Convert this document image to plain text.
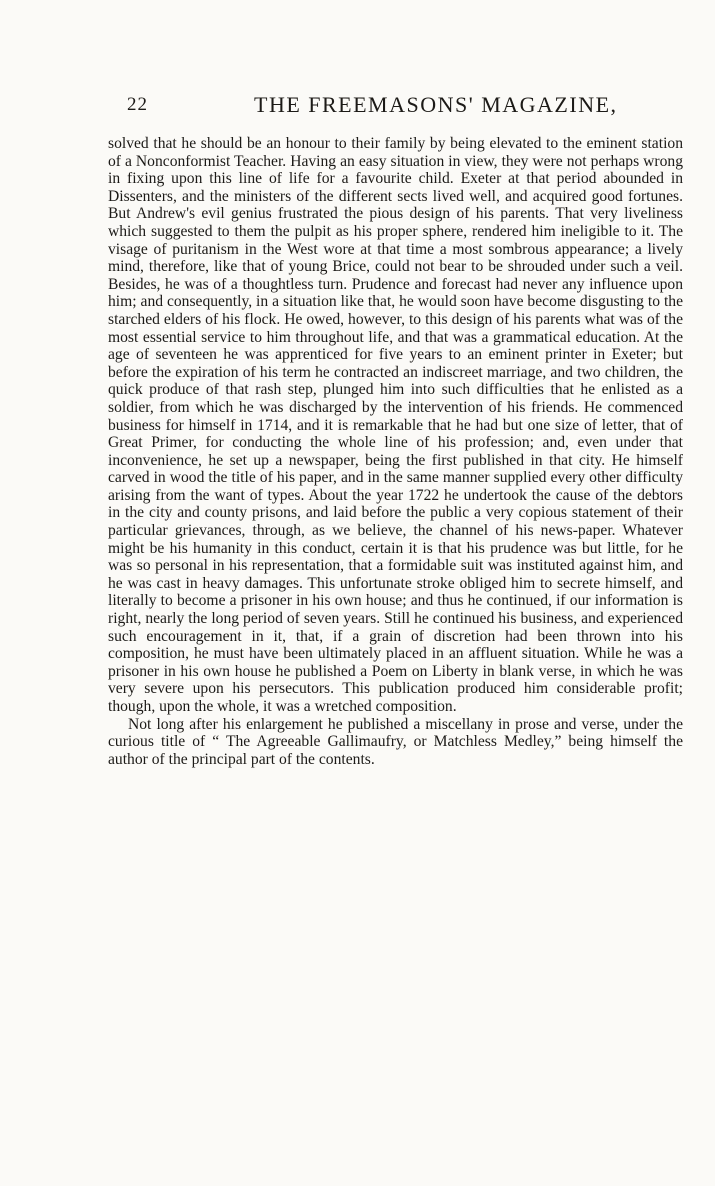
22	THE FREEMASONS' MAGAZINE,

solved that he should be an honour to their family by being elevated to the eminent station of a Nonconformist Teacher. Having an easy situation in view, they were not perhaps wrong in fixing upon this line of life for a favourite child. Exeter at that period abounded in Dissenters, and the ministers of the different sects lived well, and acquired good fortunes. But Andrew's evil genius frustrated the pious design of his parents. That very liveliness which suggested to them the pulpit as his proper sphere, rendered him ineligible to it. The visage of puritanism in the West wore at that time a most sombrous appearance; a lively mind, therefore, like that of young Brice, could not bear to be shrouded under such a veil. Besides, he was of a thoughtless turn. Prudence and forecast had never any influence upon him; and consequently, in a situation like that, he would soon have become disgusting to the starched elders of his flock. He owed, however, to this design of his parents what was of the most essential service to him throughout life, and that was a grammatical education. At the age of seventeen he was apprenticed for five years to an eminent printer in Exeter; but before the expiration of his term he contracted an indiscreet marriage, and two children, the quick produce of that rash step, plunged him into such difficulties that he enlisted as a soldier, from which he was discharged by the intervention of his friends. He commenced business for himself in 1714, and it is remarkable that he had but one size of letter, that of Great Primer, for conducting the whole line of his profession; and, even under that inconvenience, he set up a newspaper, being the first published in that city. He himself carved in wood the title of his paper, and in the same manner supplied every other difficulty arising from the want of types. About the year 1722 he undertook the cause of the debtors in the city and county prisons, and laid before the public a very copious statement of their particular grievances, through, as we believe, the channel of his news-paper. Whatever might be his humanity in this conduct, certain it is that his prudence was but little, for he was so personal in his representation, that a formidable suit was instituted against him, and he was cast in heavy damages. This unfortunate stroke obliged him to secrete himself, and literally to become a prisoner in his own house; and thus he continued, if our information is right, nearly the long period of seven years. Still he continued his business, and experienced such encouragement in it, that, if a grain of discretion had been thrown into his composition, he must have been ultimately placed in an affluent situation. While he was a prisoner in his own house he published a Poem on Liberty in blank verse, in which he was very severe upon his persecutors. This publication produced him considerable profit; though, upon the whole, it was a wretched composition.

Not long after his enlargement he published a miscellany in prose and verse, under the curious title of “ The Agreeable Gallimaufry, or Matchless Medley,” being himself the author of the principal part of the contents.
